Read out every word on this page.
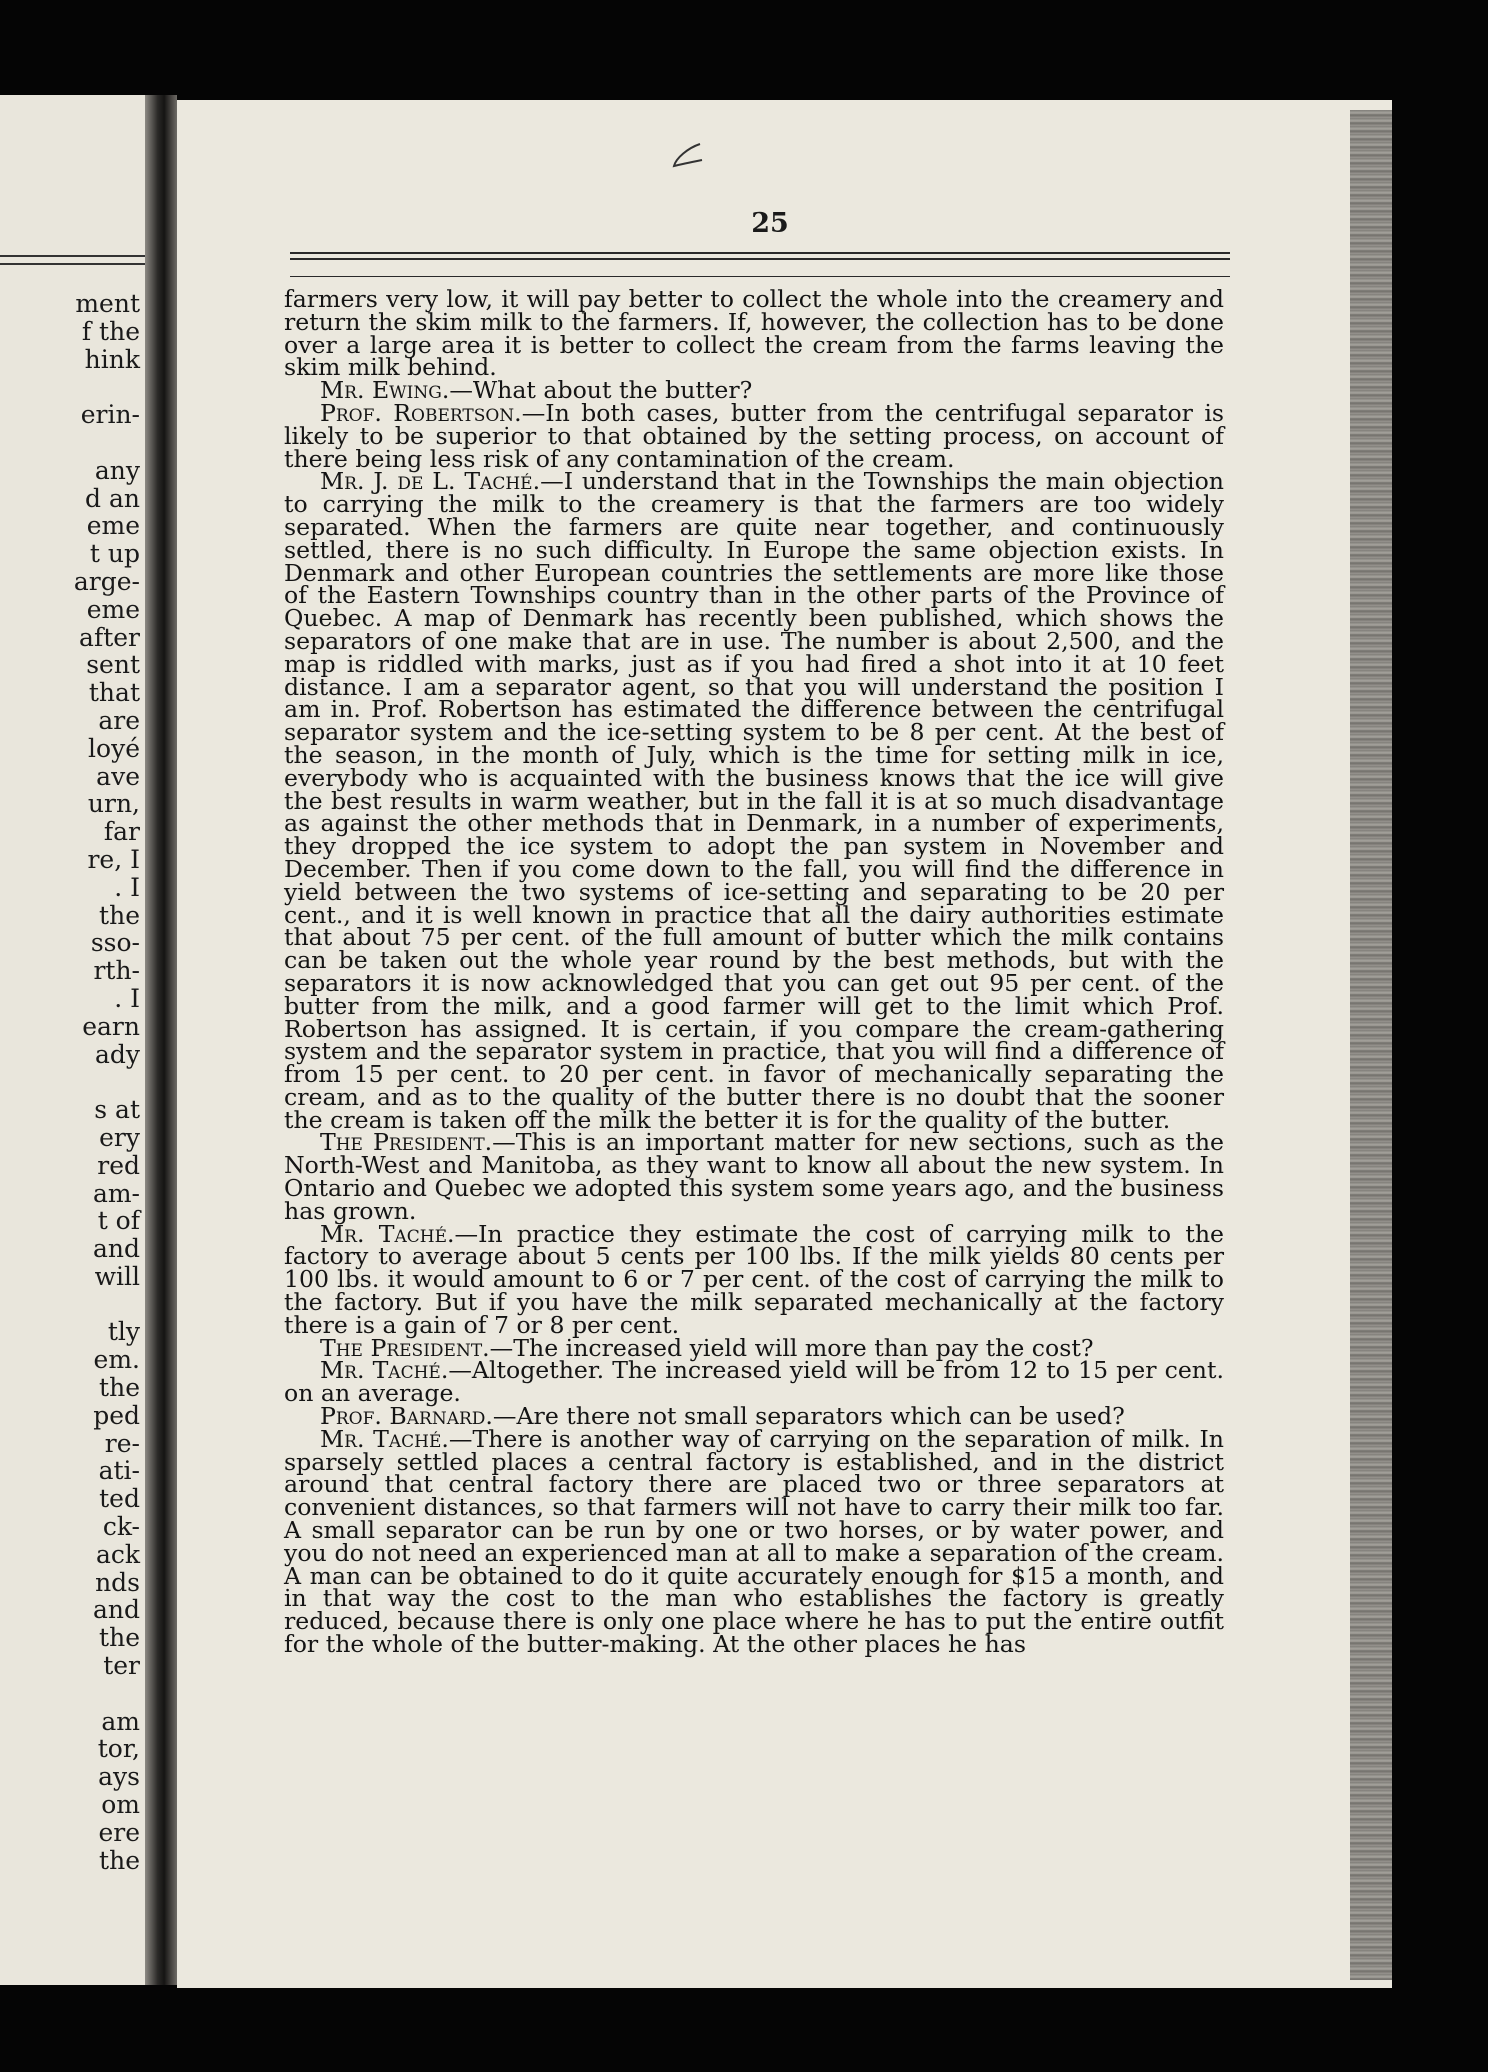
ment
f the
hink
erin-
any
d an
eme
t up
arge-
eme
after
sent
that
are
loyé
ave
urn,
far
re, I
. I
the
sso-
rth-
. I
earn
ady
s at
ery
red
am-
t of
and
will
tly
em.
the
ped
re-
ati-
ted
ck-
ack
nds
and
the
ter
am
tor,
ays
om
ere
the
25

farmers very low, it will pay better to collect the whole into the creamery and return the skim milk to the farmers. If, however, the collection has to be done over a large area it is better to collect the cream from the farms leaving the skim milk behind.

Mr. Ewing.—What about the butter?

Prof. Robertson.—In both cases, butter from the centrifugal separator is likely to be superior to that obtained by the setting process, on account of there being less risk of any contamination of the cream.

Mr. J. de L. Taché.—I understand that in the Townships the main objection to carrying the milk to the creamery is that the farmers are too widely separated. When the farmers are quite near together, and continuously settled, there is no such difficulty. In Europe the same objection exists. In Denmark and other European countries the settlements are more like those of the Eastern Townships country than in the other parts of the Province of Quebec. A map of Denmark has recently been published, which shows the separators of one make that are in use. The number is about 2,500, and the map is riddled with marks, just as if you had fired a shot into it at 10 feet distance. I am a separator agent, so that you will understand the position I am in. Prof. Robertson has estimated the difference between the centrifugal separator system and the ice-setting system to be 8 per cent. At the best of the season, in the month of July, which is the time for setting milk in ice, everybody who is acquainted with the business knows that the ice will give the best results in warm weather, but in the fall it is at so much disadvantage as against the other methods that in Denmark, in a number of experiments, they dropped the ice system to adopt the pan system in November and December. Then if you come down to the fall, you will find the difference in yield between the two systems of ice-setting and separating to be 20 per cent., and it is well known in practice that all the dairy authorities estimate that about 75 per cent. of the full amount of butter which the milk contains can be taken out the whole year round by the best methods, but with the separators it is now acknowledged that you can get out 95 per cent. of the butter from the milk, and a good farmer will get to the limit which Prof. Robertson has assigned. It is certain, if you compare the cream-gathering system and the separator system in practice, that you will find a difference of from 15 per cent. to 20 per cent. in favor of mechanically separating the cream, and as to the quality of the butter there is no doubt that the sooner the cream is taken off the milk the better it is for the quality of the butter.

The President.—This is an important matter for new sections, such as the North-West and Manitoba, as they want to know all about the new system. In Ontario and Quebec we adopted this system some years ago, and the business has grown.

Mr. Taché.—In practice they estimate the cost of carrying milk to the factory to average about 5 cents per 100 lbs. If the milk yields 80 cents per 100 lbs. it would amount to 6 or 7 per cent. of the cost of carrying the milk to the factory. But if you have the milk separated mechanically at the factory there is a gain of 7 or 8 per cent.

The President.—The increased yield will more than pay the cost?

Mr. Taché.—Altogether. The increased yield will be from 12 to 15 per cent. on an average.

Prof. Barnard.—Are there not small separators which can be used?

Mr. Taché.—There is another way of carrying on the separation of milk. In sparsely settled places a central factory is established, and in the district around that central factory there are placed two or three separators at convenient distances, so that farmers will not have to carry their milk too far. A small separator can be run by one or two horses, or by water power, and you do not need an experienced man at all to make a separation of the cream. A man can be obtained to do it quite accurately enough for $15 a month, and in that way the cost to the man who establishes the factory is greatly reduced, because there is only one place where he has to put the entire outfit for the whole of the butter-making. At the other places he has
